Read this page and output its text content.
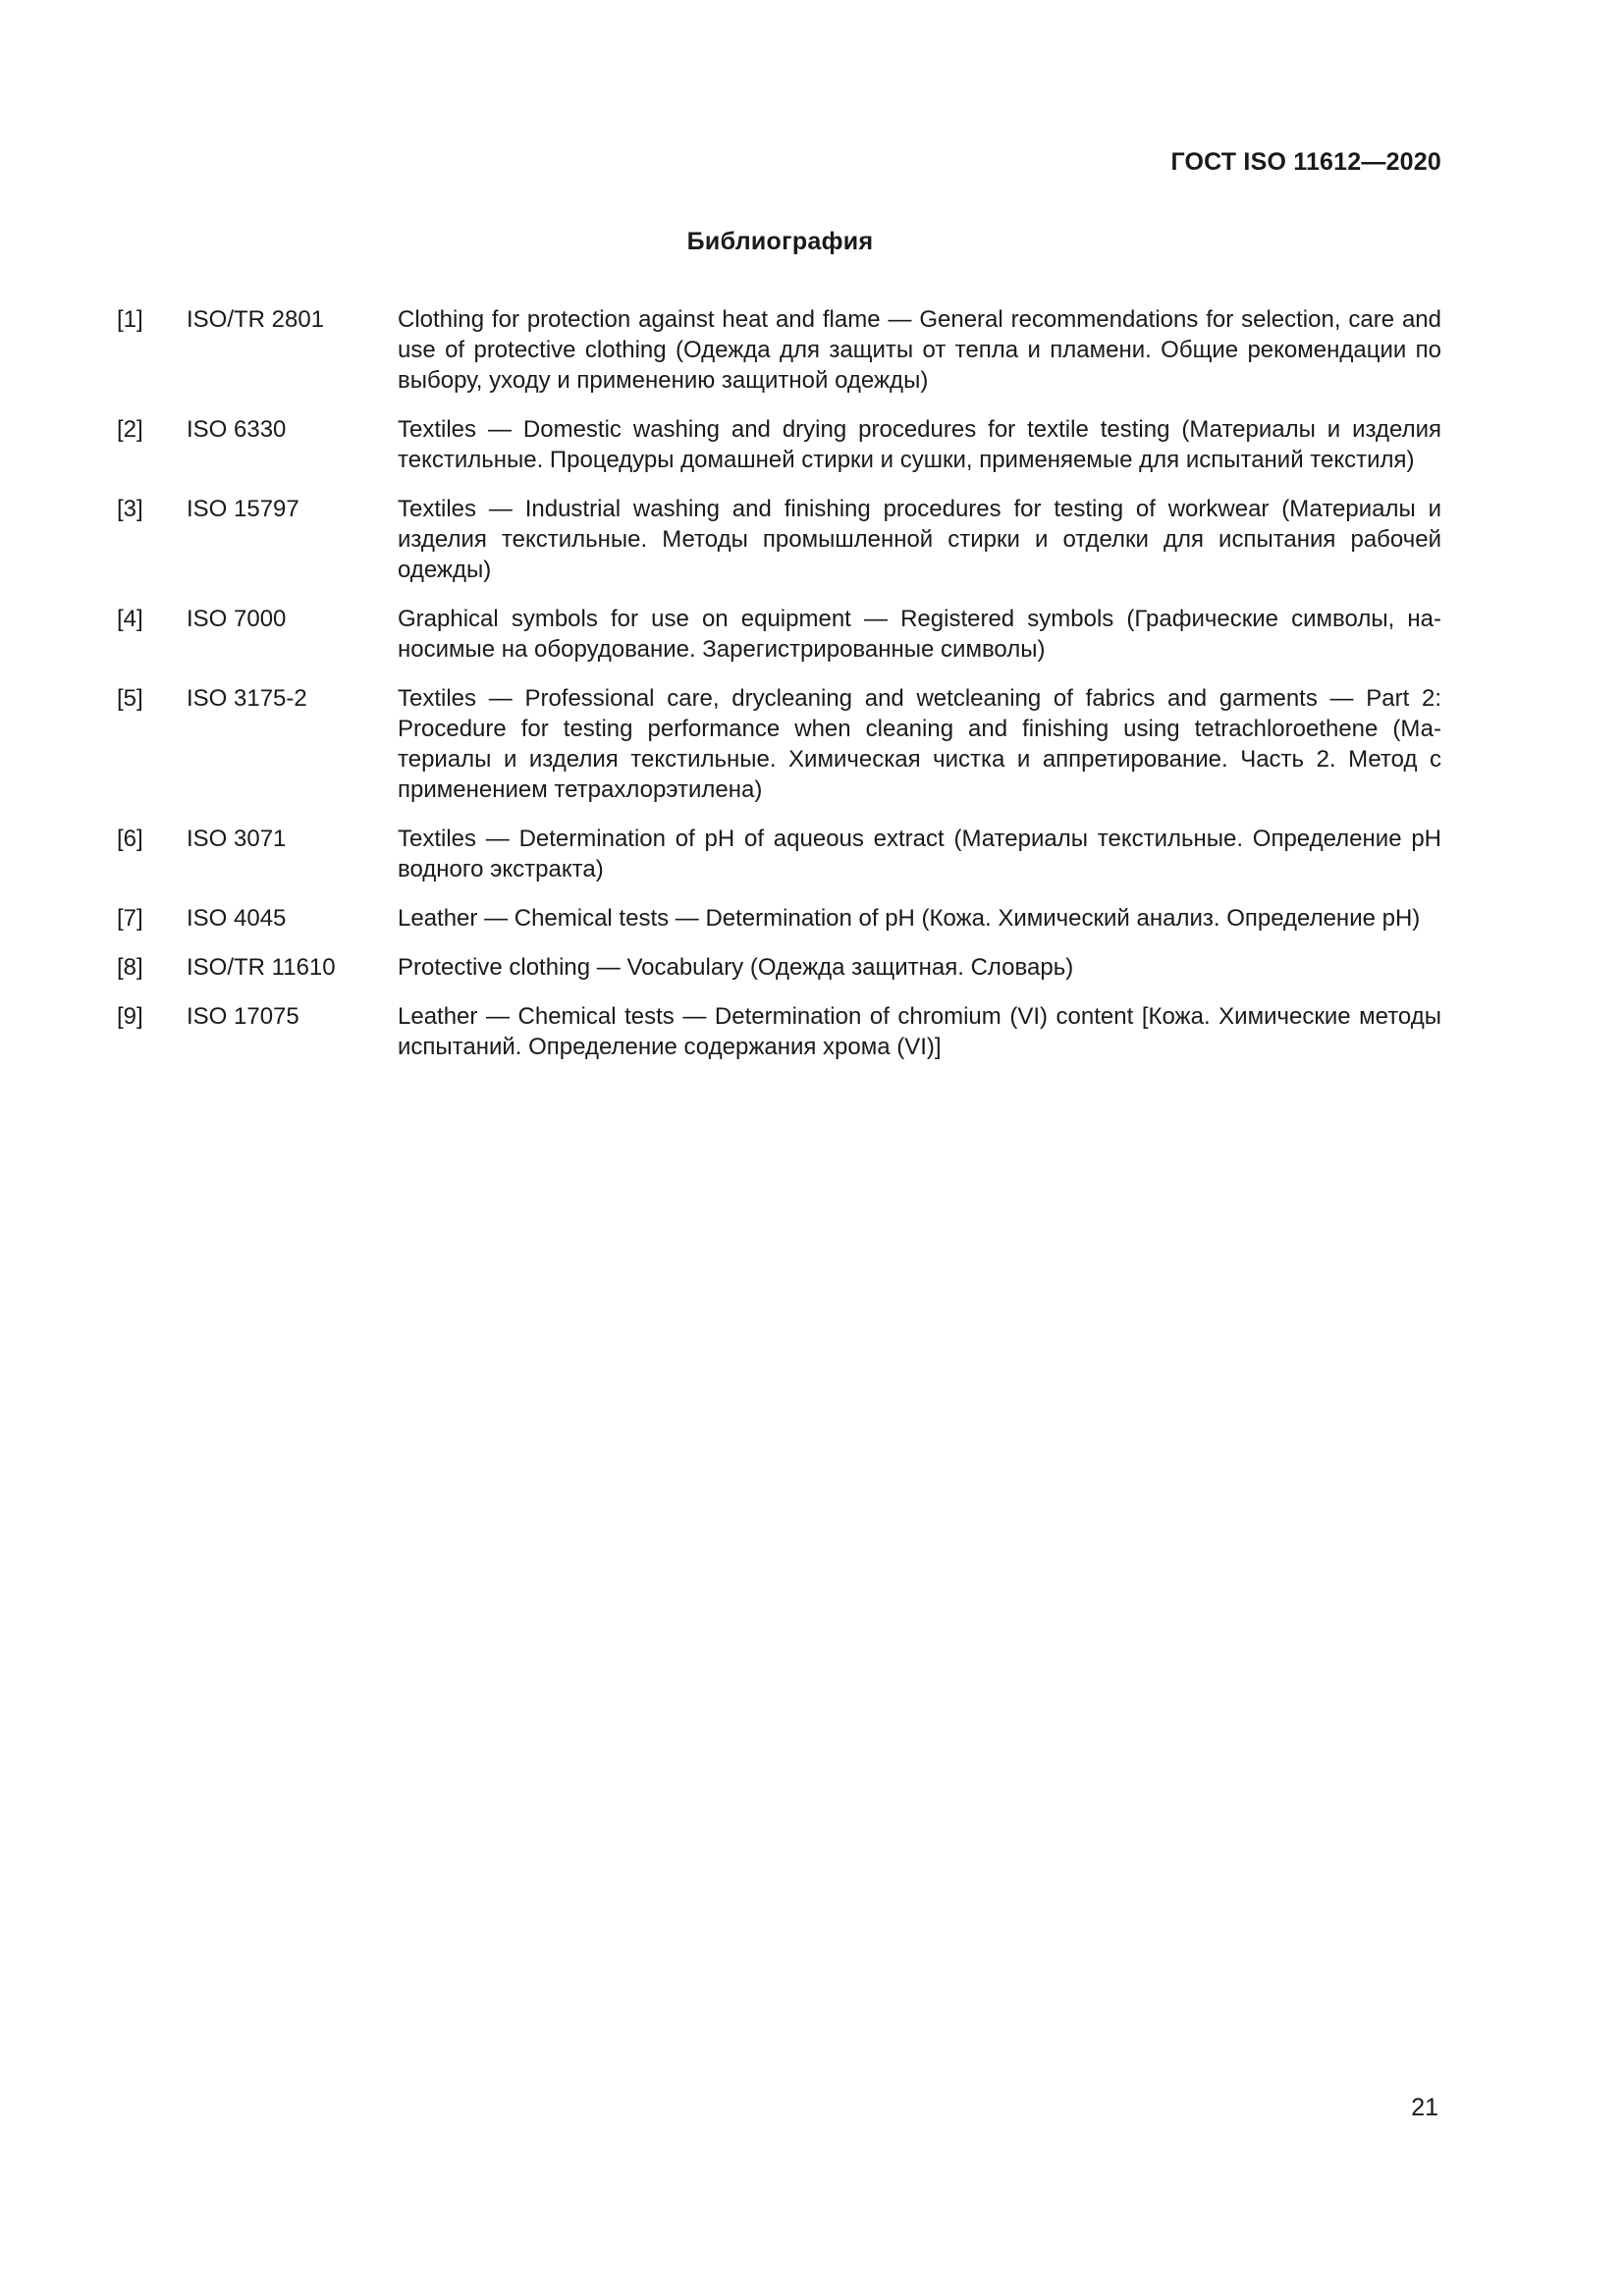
ГОСТ ISO 11612—2020
Библиография
[1]	ISO/TR 2801	Clothing for protection against heat and flame — General recommendations for selection, care and use of protective clothing (Одежда для защиты от тепла и пламени. Общие рекомендации по выбору, уходу и применению защитной одежды)
[2]	ISO 6330	Textiles — Domestic washing and drying procedures for textile testing (Материалы и изделия текстильные. Процедуры домашней стирки и сушки, применяемые для испытаний текстиля)
[3]	ISO 15797	Textiles — Industrial washing and finishing procedures for testing of workwear (Материалы и изделия текстильные. Методы промышленной стирки и отделки для испытания рабочей одежды)
[4]	ISO 7000	Graphical symbols for use on equipment — Registered symbols (Графические символы, наносимые на оборудование. Зарегистрированные символы)
[5]	ISO 3175-2	Textiles — Professional care, drycleaning and wetcleaning of fabrics and garments — Part 2: Procedure for testing performance when cleaning and finishing using tetrachloroethene (Материалы и изделия текстильные. Химическая чистка и аппретирование. Часть 2. Метод с применением тетрахлорэтилена)
[6]	ISO 3071	Textiles — Determination of pH of aqueous extract (Материалы текстильные. Определение pH водного экстракта)
[7]	ISO 4045	Leather — Chemical tests — Determination of pH (Кожа. Химический анализ. Определение pH)
[8]	ISO/TR 11610	Protective clothing — Vocabulary (Одежда защитная. Словарь)
[9]	ISO 17075	Leather — Chemical tests — Determination of chromium (VI) content [Кожа. Химические методы испытаний. Определение содержания хрома (VI)]
21
